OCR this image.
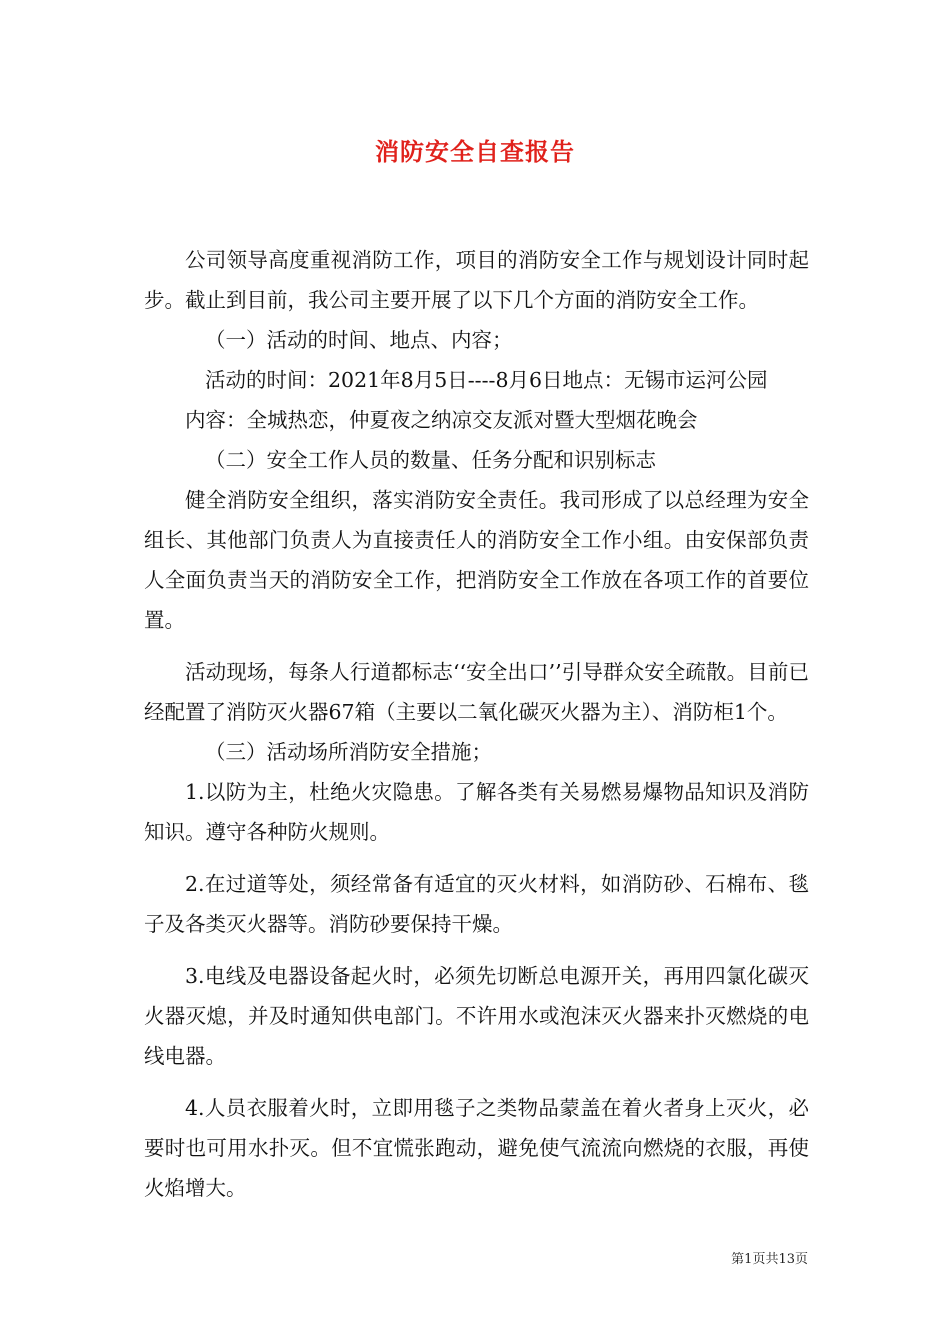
消防安全自查报告

公司领导高度重视消防工作，项目的消防安全工作与规划设计同时起步。截止到目前，我公司主要开展了以下几个方面的消防安全工作。

（一）活动的时间、地点、内容；

活动的时间：2021年8月5日----8月6日地点：无锡市运河公园

内容：全城热恋，仲夏夜之纳凉交友派对暨大型烟花晚会

（二）安全工作人员的数量、任务分配和识别标志

健全消防安全组织，落实消防安全责任。我司形成了以总经理为安全组长、其他部门负责人为直接责任人的消防安全工作小组。由安保部负责人全面负责当天的消防安全工作，把消防安全工作放在各项工作的首要位置。

活动现场，每条人行道都标志‘‘安全出口’’引导群众安全疏散。目前已经配置了消防灭火器67箱（主要以二氧化碳灭火器为主）、消防柜1个。

（三）活动场所消防安全措施；

1.以防为主，杜绝火灾隐患。了解各类有关易燃易爆物品知识及消防知识。遵守各种防火规则。

2.在过道等处，须经常备有适宜的灭火材料，如消防砂、石棉布、毯子及各类灭火器等。消防砂要保持干燥。

3.电线及电器设备起火时，必须先切断总电源开关，再用四氯化碳灭火器灭熄，并及时通知供电部门。不许用水或泡沫灭火器来扑灭燃烧的电线电器。

4.人员衣服着火时，立即用毯子之类物品蒙盖在着火者身上灭火，必要时也可用水扑灭。但不宜慌张跑动，避免使气流流向燃烧的衣服，再使火焰增大。

第1页共13页
